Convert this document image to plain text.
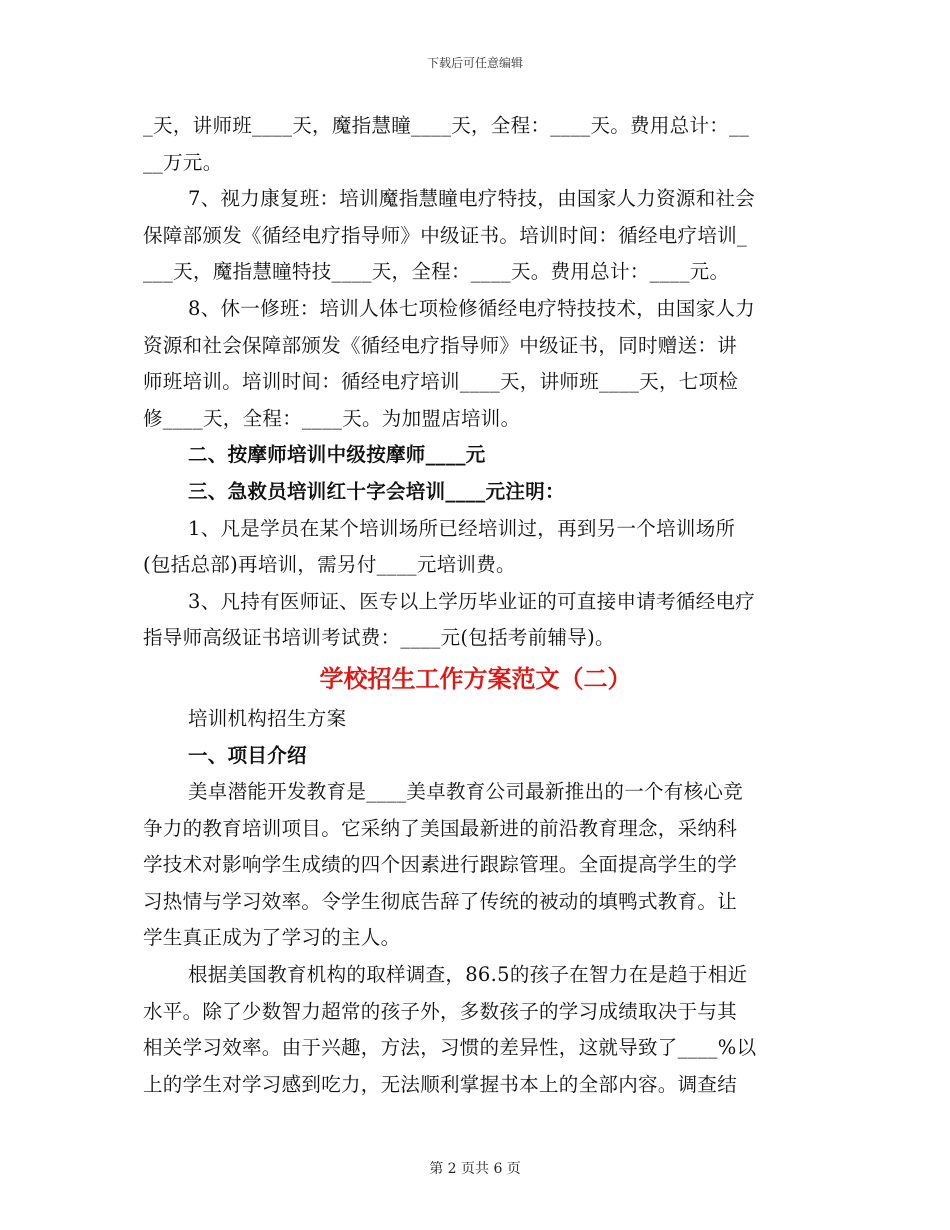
下载后可任意编辑
_天，讲师班____天，魔指慧瞳____天，全程：____天。费用总计：__
__万元。
7、视力康复班：培训魔指慧瞳电疗特技，由国家人力资源和社会
保障部颁发《循经电疗指导师》中级证书。培训时间：循经电疗培训_
___天，魔指慧瞳特技____天，全程：____天。费用总计：____元。
8、休一修班：培训人体七项检修循经电疗特技技术，由国家人力
资源和社会保障部颁发《循经电疗指导师》中级证书，同时赠送：讲
师班培训。培训时间：循经电疗培训____天，讲师班____天，七项检
修____天，全程：____天。为加盟店培训。
二、按摩师培训中级按摩师____元
三、急救员培训红十字会培训____元注明：
1、凡是学员在某个培训场所已经培训过，再到另一个培训场所
(包括总部)再培训，需另付____元培训费。
3、凡持有医师证、医专以上学历毕业证的可直接申请考循经电疗
指导师高级证书培训考试费：____元(包括考前辅导)。
学校招生工作方案范文（二）
培训机构招生方案
一、项目介绍
美卓潜能开发教育是____美卓教育公司最新推出的一个有核心竞
争力的教育培训项目。它采纳了美国最新进的前沿教育理念，采纳科
学技术对影响学生成绩的四个因素进行跟踪管理。全面提高学生的学
习热情与学习效率。令学生彻底告辞了传统的被动的填鸭式教育。让
学生真正成为了学习的主人。
根据美国教育机构的取样调查，86.5的孩子在智力在是趋于相近
水平。除了少数智力超常的孩子外，多数孩子的学习成绩取决于与其
相关学习效率。由于兴趣，方法，习惯的差异性，这就导致了____%以
上的学生对学习感到吃力，无法顺利掌握书本上的全部内容。调查结
第 2 页共 6 页
